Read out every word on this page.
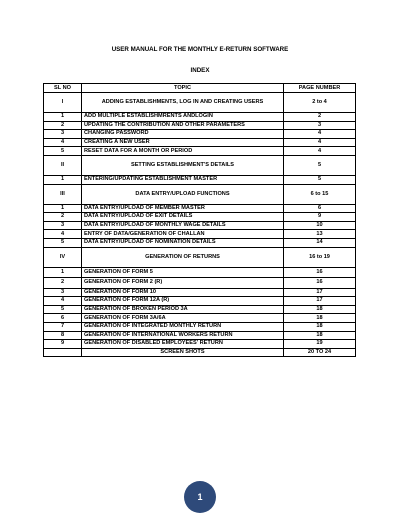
USER MANUAL FOR THE MONTHLY E-RETURN SOFTWARE
INDEX
SL NO	TOPIC	PAGE NUMBER
I	ADDING ESTABLISHMENTS, LOG IN AND CREATING USERS	2 to 4
1	ADD MULTIPLE ESTABLISHMRENTS ANDLOGIN	2
2	UPDATING THE CONTRIBUTION AND OTHER PARAMETERS	3
3	CHANGING PASSWORD	4
4	CREATING A NEW USER	4
5	RESET DATA FOR A MONTH OR PERIOD	4
II	SETTING ESTABLISHMENT'S DETAILS	5
1	ENTERING/UPDATING ESTABLISHMENT MASTER	5
III	DATA ENTRY/UPLOAD FUNCTIONS	6 to 15
1	DATA ENTRY/UPLOAD OF MEMBER MASTER	6
2	DATA ENTRY/UPLOAD OF EXIT DETAILS	9
3	DATA ENTRY/UPLOAD OF MONTHLY WAGE DETAILS	10
4	ENTRY OF DATA/GENERATION OF CHALLAN	13
5	DATA ENTRY/UPLOAD OF NOMINATION DETAILS	14
IV	GENERATION OF RETURNS	16 to 19
1	GENERATION OF FORM 5	16
2	GENERATION OF FORM 2 (R)	16
3	GENERATION OF FORM 10	17
4	GENERATION OF FORM 12A (R)	17
5	GENERATION OF BROKEN PERIOD 3A	18
6	GENERATION OF FORM 3A/6A	18
7	GENERATION OF INTEGRATED MONTHLY RETURN	18
8	GENERATION OF INTERNATIONAL WORKERS RETURN	18
9	GENERATION OF DISABLED EMPLOYEES' RETURN	19
	SCREEN SHOTS	20 TO 24
1
